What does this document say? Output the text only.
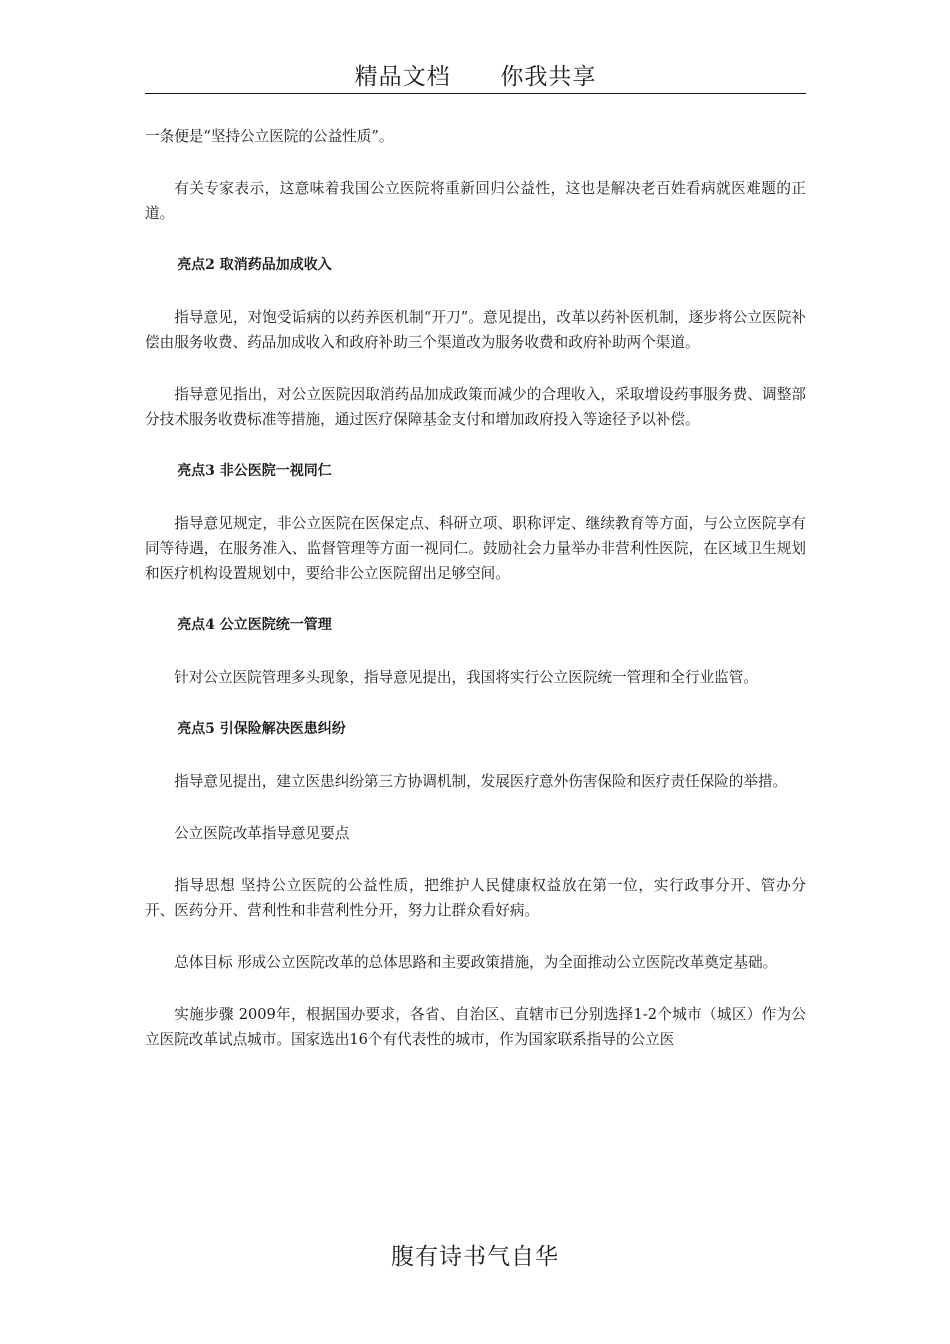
精品文档      你我共享

一条便是“坚持公立医院的公益性质”。

有关专家表示，这意味着我国公立医院将重新回归公益性，这也是解决老百姓看病就医难题的正道。

亮点2 取消药品加成收入

指导意见，对饱受诟病的以药养医机制“开刀”。意见提出，改革以药补医机制，逐步将公立医院补偿由服务收费、药品加成收入和政府补助三个渠道改为服务收费和政府补助两个渠道。

指导意见指出，对公立医院因取消药品加成政策而减少的合理收入，采取增设药事服务费、调整部分技术服务收费标准等措施，通过医疗保障基金支付和增加政府投入等途径予以补偿。

亮点3 非公医院一视同仁

指导意见规定，非公立医院在医保定点、科研立项、职称评定、继续教育等方面，与公立医院享有同等待遇，在服务准入、监督管理等方面一视同仁。鼓励社会力量举办非营利性医院，在区域卫生规划和医疗机构设置规划中，要给非公立医院留出足够空间。

亮点4 公立医院统一管理

针对公立医院管理多头现象，指导意见提出，我国将实行公立医院统一管理和全行业监管。

亮点5 引保险解决医患纠纷

指导意见提出，建立医患纠纷第三方协调机制，发展医疗意外伤害保险和医疗责任保险的举措。

公立医院改革指导意见要点

指导思想 坚持公立医院的公益性质，把维护人民健康权益放在第一位，实行政事分开、管办分开、医药分开、营利性和非营利性分开，努力让群众看好病。

总体目标 形成公立医院改革的总体思路和主要政策措施，为全面推动公立医院改革奠定基础。

实施步骤 2009年，根据国办要求，各省、自治区、直辖市已分别选择1-2个城市（城区）作为公立医院改革试点城市。国家选出16个有代表性的城市，作为国家联系指导的公立医

腹有诗书气自华
